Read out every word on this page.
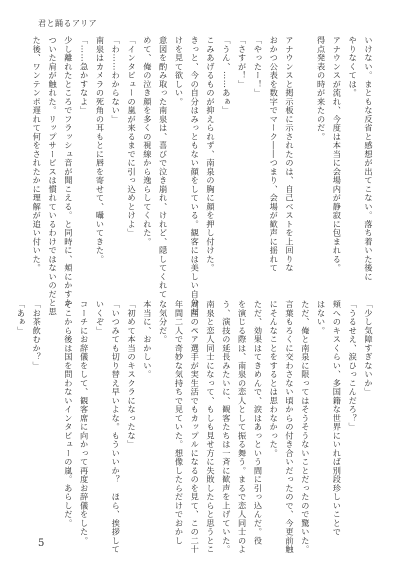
君と踊るアリア

いけない。まともな反省と感想が出てこない。落ち着いた後に

やりなくては。

アナウンスが流れ、今度は本当に会場内が静寂に包まれる。

得点発表の時が来たのだ。

アナウンスと掲示板に示されたのは、自己ベストを上回りな

おかつ公表を数字でマーク――つまり、会場が歓声に揺れて

「やったー！」

「さすが！」

「うん、……あぁ」

こみあげるものが抑えられず、南泉の胸に顔を押し付けた。

きっと、今の自分はみっともない顔をしている。観客には美しい自分だ

けを見て欲しい。

意図を酌み取った南泉は、喜びで泣き崩れ、けれど、隠してくれて

めて、俺の泣き顔を多くの視線から逸らしてくれた。

「インタビューの嵐が来るまでに引っ込めとけよ」

「わ……わからない」

南泉はカメラの死角の耳もとに唇を寄せて、囁いてきた。

「……急かすなよ」

少し離れたところでフラッシュ音が聞こえる。と同時に、頬にかすか

ついた肩が触れた。リップサービスは慣れているわけではないのだと思

た後、ワンテンポ遅れて何をされたかに理解が追い付いた。

「少し気障すぎないか」

「うるせえ、涙ひっこんだろ？」

頬へのキスくらい、多国籍な世界にいれば別段珍しいことで

はない。

ただ、俺と南泉に限ってはそうそうないことだったので驚いた。

言葉もろくに交わさない頃からの付き合いだったので、今更前触

にそんなことをするとは思わなかった。

ただ、効果はてきめんで、涙はあっという間に引っ込んだ。役

を演じる際は、南泉の恋人として振る舞う。まるで恋人同士のよ

う、演技の延長みたいに、観客たちは一斉に歓声を上げていた。

南泉と恋人同士になって、もしも見せ方に失敗したらと思うとこ

周囲のペア選手が実生活でもカップルになるのを見て、この二十

年間二人で奇妙な気持ちで見ていた。想像したらだけでおかし

な気分だ。

本当に、おかしい。

「初めて本当のキスクラになったな」

「いつみても切り替え早いよな。もういいか？　ほら、挨拶して

いくぞ」

コーチにお辞儀をして、観客席に向かって再度お辞儀をした。

そこから後は国を問わないインタビューの嵐。あらしだ。

「お茶飲むか？」

「あぁ」

5
